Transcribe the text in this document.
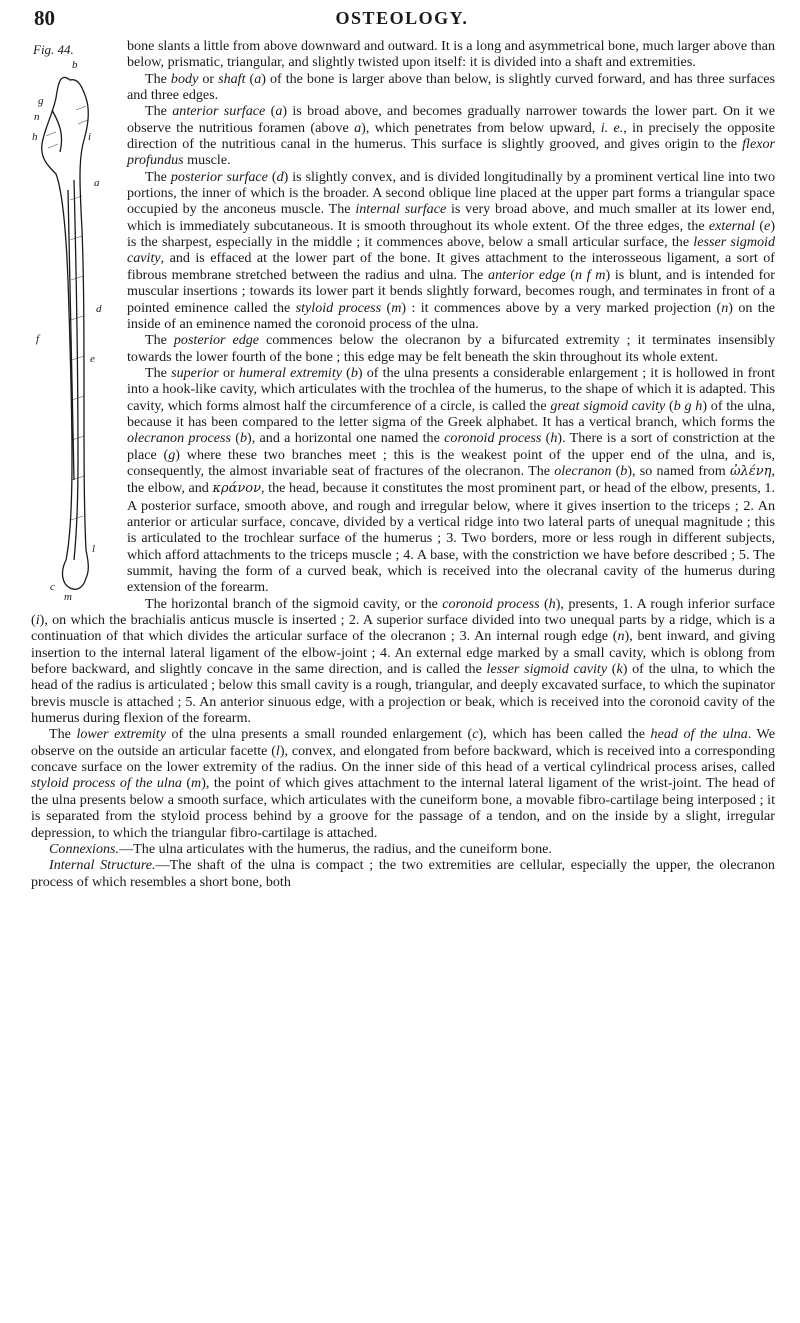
80	OSTEOLOGY.
Fig. 44.
b
g
h	i
a
d
f
e
l
c
m
n

bone slants a little from above downward and outward. It is a long and asymmetrical bone, much larger above than below, prismatic, triangular, and slightly twisted upon itself: it is divided into a shaft and extremities.

The body or shaft (a) of the bone is larger above than below, is slightly curved forward, and has three surfaces and three edges.

The anterior surface (a) is broad above, and becomes gradually narrower towards the lower part. On it we observe the nutritious foramen (above a), which penetrates from below upward, i. e., in precisely the opposite direction of the nutritious canal in the humerus. This surface is slightly grooved, and gives origin to the flexor profundus muscle.

The posterior surface (d) is slightly convex, and is divided longitudinally by a prominent vertical line into two portions, the inner of which is the broader. A second oblique line placed at the upper part forms a triangular space occupied by the anconeus muscle. The internal surface is very broad above, and much smaller at its lower end, which is immediately subcutaneous. It is smooth throughout its whole extent. Of the three edges, the external (e) is the sharpest, especially in the middle ; it commences above, below a small articular surface, the lesser sigmoid cavity, and is effaced at the lower part of the bone. It gives attachment to the interosseous ligament, a sort of fibrous membrane stretched between the radius and ulna. The anterior edge (n f m) is blunt, and is intended for muscular insertions ; towards its lower part it bends slightly forward, becomes rough, and terminates in front of a pointed eminence called the styloid process (m) : it commences above by a very marked projection (n) on the inside of an eminence named the coronoid process of the ulna.

The posterior edge commences below the olecranon by a bifurcated extremity ; it terminates insensibly towards the lower fourth of the bone ; this edge may be felt beneath the skin throughout its whole extent.

The superior or humeral extremity (b) of the ulna presents a considerable enlargement ; it is hollowed in front into a hook-like cavity, which articulates with the trochlea of the humerus, to the shape of which it is adapted. This cavity, which forms almost half the circumference of a circle, is called the great sigmoid cavity (b g h) of the ulna, because it has been compared to the letter sigma of the Greek alphabet. It has a vertical branch, which forms the olecranon process (b), and a horizontal one named the coronoid process (h). There is a sort of constriction at the place (g) where these two branches meet ; this is the weakest point of the upper end of the ulna, and is, consequently, the almost invariable seat of fractures of the olecranon. The olecranon (b), so named from ὠλένη, the elbow, and κράνον, the head, because it constitutes the most prominent part, or head of the elbow, presents, 1. A posterior surface, smooth above, and rough and irregular below, where it gives insertion to the triceps ; 2. An anterior or articular surface, concave, divided by a vertical ridge into two lateral parts of unequal magnitude ; this is articulated to the trochlear surface of the humerus ; 3. Two borders, more or less rough in different subjects, which afford attachments to the triceps muscle ; 4. A base, with the constriction we have before described ; 5. The summit, having the form of a curved beak, which is received into the olecranal cavity of the humerus during extension of the forearm.

The horizontal branch of the sigmoid cavity, or the coronoid process (h), presents, 1. A rough inferior surface (i), on which the brachialis anticus muscle is inserted ; 2. A superior surface divided into two unequal parts by a ridge, which is a continuation of that which divides the articular surface of the olecranon ; 3. An internal rough edge (n), bent inward, and giving insertion to the internal lateral ligament of the elbow-joint ; 4. An external edge marked by a small cavity, which is oblong from before backward, and slightly concave in the same direction, and is called the lesser sigmoid cavity (k) of the ulna, to which the head of the radius is articulated ; below this small cavity is a rough, triangular, and deeply excavated surface, to which the supinator brevis muscle is attached ; 5. An anterior sinuous edge, with a projection or beak, which is received into the coronoid cavity of the humerus during flexion of the forearm.

The lower extremity of the ulna presents a small rounded enlargement (c), which has been called the head of the ulna. We observe on the outside an articular facette (l), convex, and elongated from before backward, which is received into a corresponding concave surface on the lower extremity of the radius. On the inner side of this head of a vertical cylindrical process arises, called styloid process of the ulna (m), the point of which gives attachment to the internal lateral ligament of the wrist-joint. The head of the ulna presents below a smooth surface, which articulates with the cuneiform bone, a movable fibro-cartilage being interposed ; it is separated from the styloid process behind by a groove for the passage of a tendon, and on the inside by a slight, irregular depression, to which the triangular fibro-cartilage is attached.

Connexions.—The ulna articulates with the humerus, the radius, and the cuneiform bone.

Internal Structure.—The shaft of the ulna is compact ; the two extremities are cellular, especially the upper, the olecranon process of which resembles a short bone, both
